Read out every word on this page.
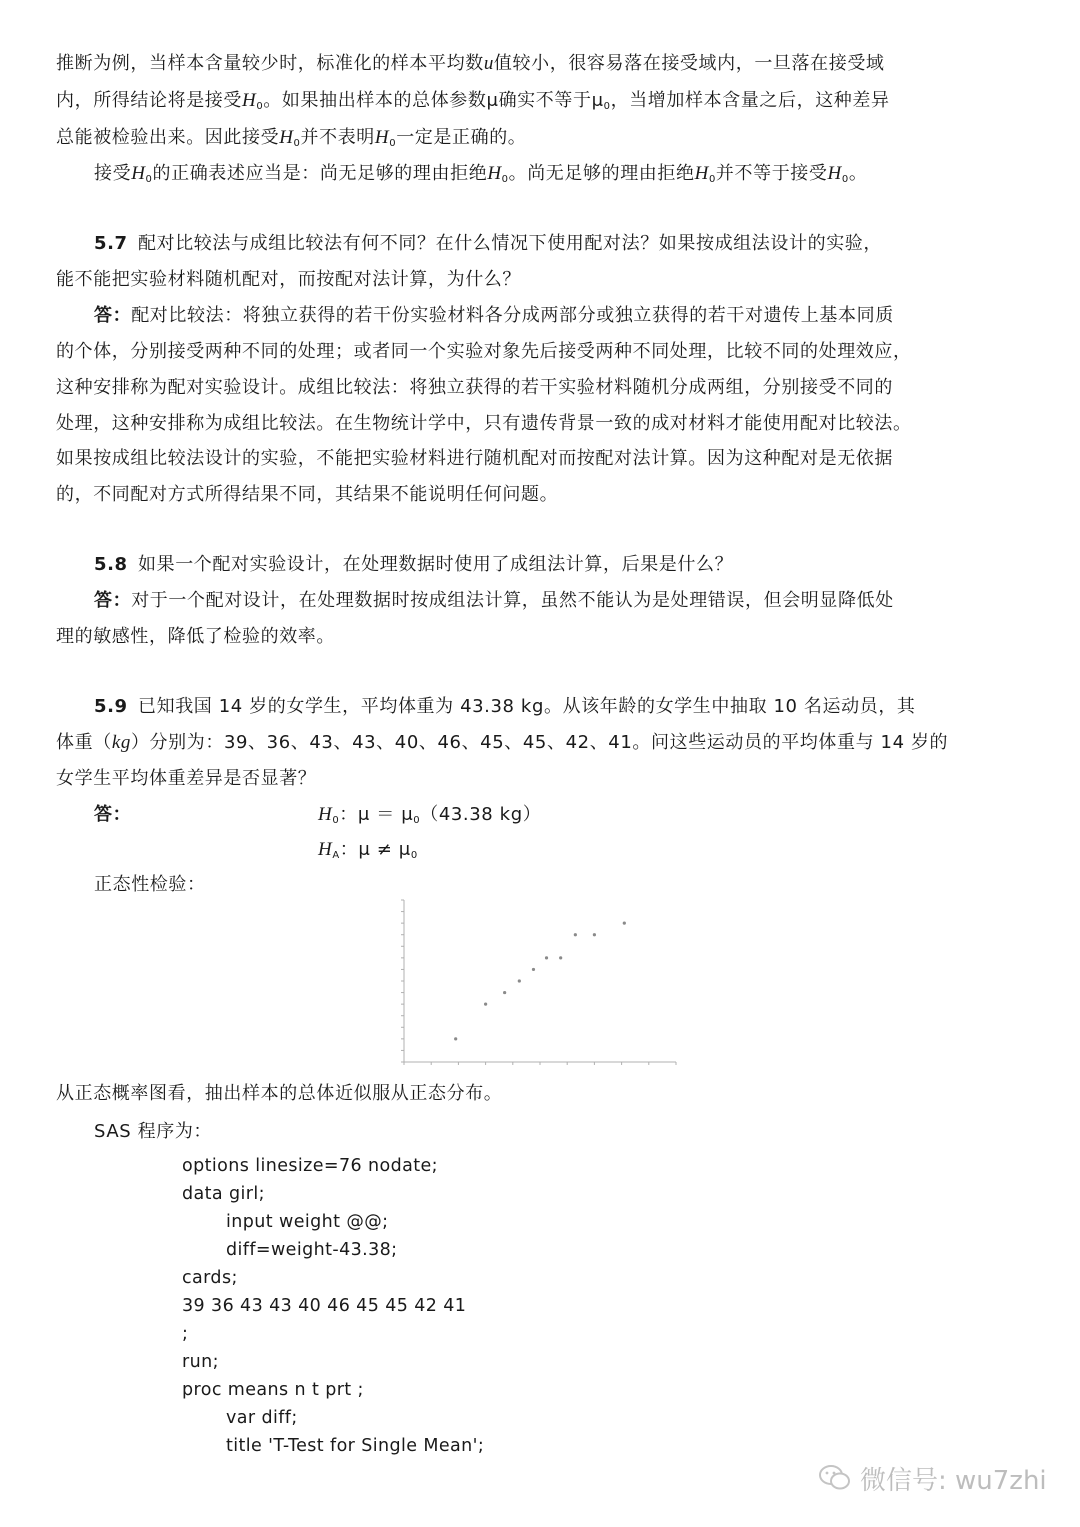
推断为例，当样本含量较少时，标准化的样本平均数u值较小，很容易落在接受域内，一旦落在接受域
内，所得结论将是接受$H_0$。如果抽出样本的总体参数μ确实不等于$\mu_0$，当增加样本含量之后，这种差异
总能被检验出来。因此接受$H_0$并不表明$H_0$一定是正确的。
接受$H_0$的正确表述应当是：尚无足够的理由拒绝$H_0$。尚无足够的理由拒绝$H_0$并不等于接受$H_0$。
5.7 配对比较法与成组比较法有何不同？在什么情况下使用配对法？如果按成组法设计的实验，
能不能把实验材料随机配对，而按配对法计算，为什么？
答：配对比较法：将独立获得的若干份实验材料各分成两部分或独立获得的若干对遗传上基本同质
的个体，分别接受两种不同的处理；或者同一个实验对象先后接受两种不同处理，比较不同的处理效应，
这种安排称为配对实验设计。成组比较法：将独立获得的若干实验材料随机分成两组，分别接受不同的
处理，这种安排称为成组比较法。在生物统计学中，只有遗传背景一致的成对材料才能使用配对比较法。
如果按成组比较法设计的实验，不能把实验材料进行随机配对而按配对法计算。因为这种配对是无依据
的，不同配对方式所得结果不同，其结果不能说明任何问题。
5.8 如果一个配对实验设计，在处理数据时使用了成组法计算，后果是什么？
答：对于一个配对设计，在处理数据时按成组法计算，虽然不能认为是处理错误，但会明显降低处
理的敏感性，降低了检验的效率。
5.9 已知我国 14 岁的女学生，平均体重为 43.38 kg。从该年龄的女学生中抽取 10 名运动员，其
体重（kg）分别为：39、36、43、43、40、46、45、45、42、41。问这些运动员的平均体重与 14 岁的
女学生平均体重差异是否显著？
答：	$H_0$：$\mu = \mu_0(43.38$ kg）
$H_A$：$\mu \ne \mu_0$
正态性检验：
从正态概率图看，抽出样本的总体近似服从正态分布。
SAS 程序为：
options linesize=76 nodate;
data girl;
input weight @@;
diff=weight-43.38;
cards;
39 36 43 43 40 46 45 45 42 41
;
run;
proc means n t prt ;
var diff;
title 'T-Test for Single Mean';
微信号: wu7zhi
